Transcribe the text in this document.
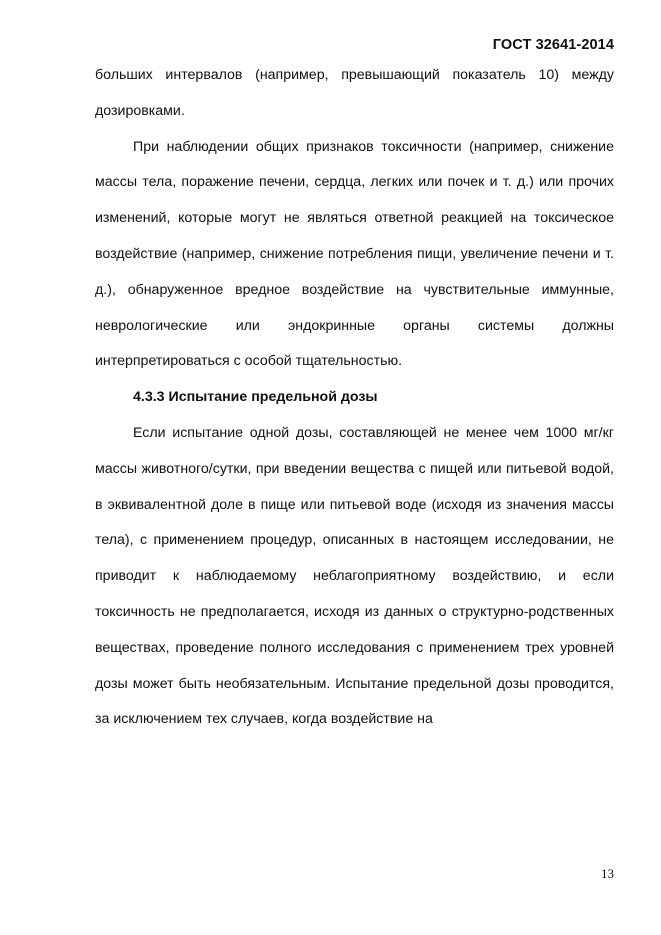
ГОСТ 32641-2014

больших интервалов (например, превышающий показатель 10) между дозировками.

При наблюдении общих признаков токсичности (например, снижение массы тела, поражение печени, сердца, легких или почек и т. д.) или прочих изменений, которые могут не являться ответной реакцией на токсическое воздействие (например, снижение потребления пищи, увеличение печени и т. д.), обнаруженное вредное воздействие на чувствительные иммунные, неврологические или эндокринные органы системы должны интерпретироваться с особой тщательностью.

4.3.3 Испытание предельной дозы

Если испытание одной дозы, составляющей не менее чем 1000 мг/кг массы животного/сутки, при введении вещества с пищей или питьевой водой, в эквивалентной доле в пище или питьевой воде (исходя из значения массы тела), с применением процедур, описанных в настоящем исследовании, не приводит к наблюдаемому неблагоприятному воздействию, и если токсичность не предполагается, исходя из данных о структурно-родственных веществах, проведение полного исследования с применением трех уровней дозы может быть необязательным. Испытание предельной дозы проводится, за исключением тех случаев, когда воздействие на

13
